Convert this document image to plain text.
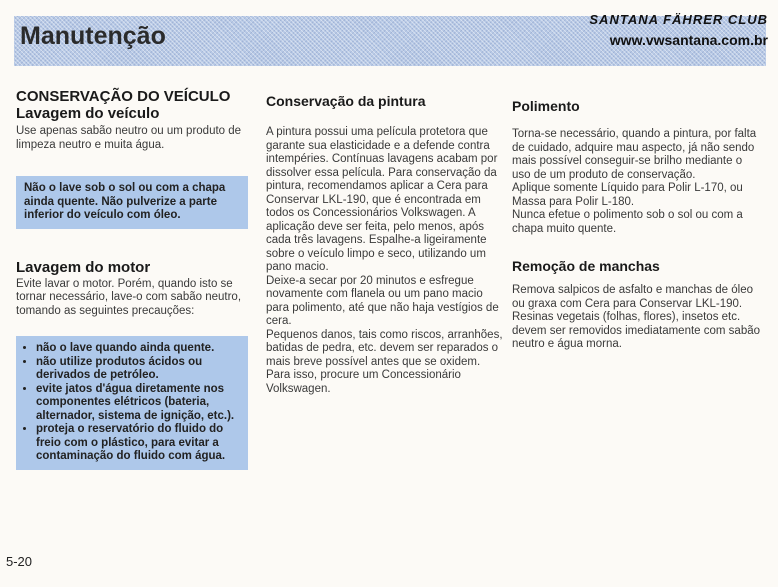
Manutenção
SANTANA FÄHRER CLUB
www.vwsantana.com.br
CONSERVAÇÃO DO VEÍCULO
Lavagem do veículo

Use apenas sabão neutro ou um produto de limpeza neutro e muita água.

Não o lave sob o sol ou com a chapa ainda quente. Não pulverize a parte inferior do veículo com óleo.
Lavagem do motor

Evite lavar o motor. Porém, quando isto se tornar necessário, lave-o com sabão neutro, tomando as seguintes precauções:

• não o lave quando ainda quente.
• não utilize produtos ácidos ou derivados de petróleo.
• evite jatos d'água diretamente nos componentes elétricos (bateria, alternador, sistema de ignição, etc.).
• proteja o reservatório do fluido do freio com o plástico, para evitar a contaminação do fluido com água.
Conservação da pintura

A pintura possui uma película protetora que garante sua elasticidade e a defende contra intempéries. Contínuas lavagens acabam por dissolver essa película. Para conservação da pintura, recomendamos aplicar a Cera para Conservar LKL-190, que é encontrada em todos os Concessionários Volkswagen. A aplicação deve ser feita, pelo menos, após cada três lavagens. Espalhe-a ligeiramente sobre o veículo limpo e seco, utilizando um pano macio.

Deixe-a secar por 20 minutos e esfregue novamente com flanela ou um pano macio para polimento, até que não haja vestígios de cera.

Pequenos danos, tais como riscos, arranhões, batidas de pedra, etc. devem ser reparados o mais breve possível antes que se oxidem. Para isso, procure um Concessionário Volkswagen.

Polimento

Torna-se necessário, quando a pintura, por falta de cuidado, adquire mau aspecto, já não sendo mais possível conseguir-se brilho mediante o uso de um produto de conservação.

Aplique somente Líquido para Polir L-170, ou Massa para Polir L-180.

Nunca efetue o polimento sob o sol ou com a chapa muito quente.

Remoção de manchas

Remova salpicos de asfalto e manchas de óleo ou graxa com Cera para Conservar LKL-190.

Resinas vegetais (folhas, flores), insetos etc. devem ser removidos imediatamente com sabão neutro e água morna.

5-20
